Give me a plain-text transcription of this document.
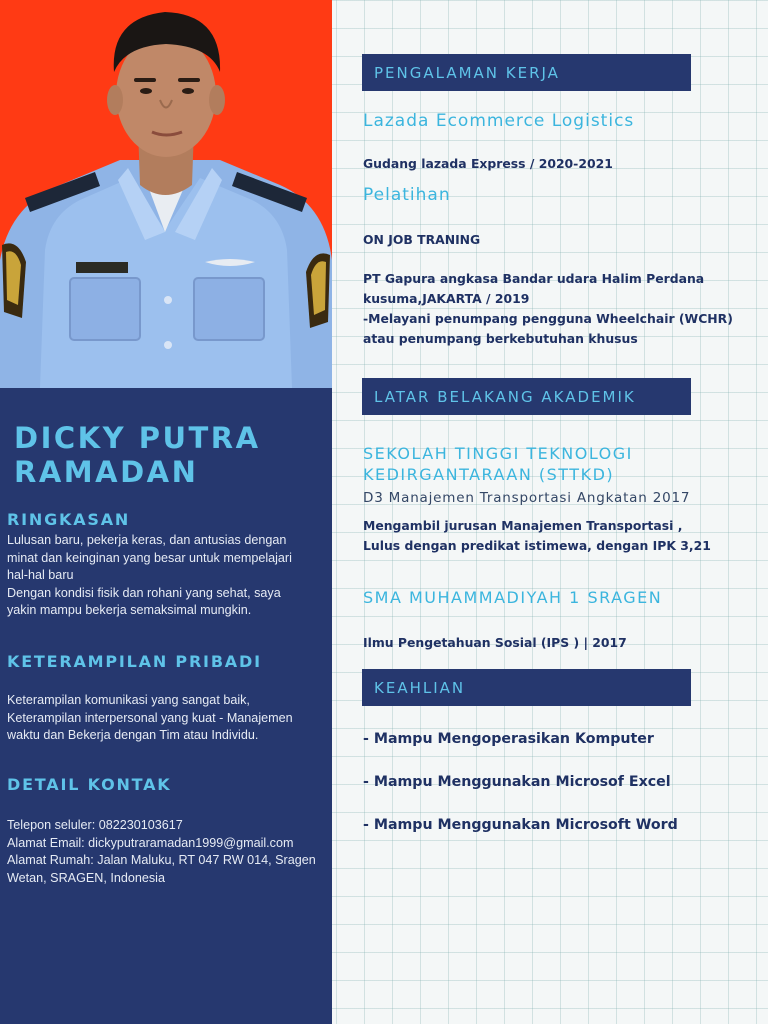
DICKY PUTRA
RAMADAN
RINGKASAN
Lulusan baru, pekerja keras, dan antusias dengan
minat dan keinginan yang besar untuk mempelajari
hal-hal baru
Dengan kondisi fisik dan rohani yang sehat, saya
yakin mampu bekerja semaksimal mungkin.
KETERAMPILAN PRIBADI
Keterampilan komunikasi yang sangat baik,
Keterampilan interpersonal yang kuat - Manajemen
waktu dan Bekerja dengan Tim atau Individu.
DETAIL KONTAK
Telepon seluler: 082230103617
Alamat Email: dickyputraramadan1999@gmail.com
Alamat Rumah: Jalan Maluku, RT 047 RW 014, Sragen
Wetan, SRAGEN, Indonesia
PENGALAMAN KERJA
Lazada Ecommerce Logistics
Gudang lazada Express / 2020-2021
Pelatihan
ON JOB TRANING
PT Gapura angkasa Bandar udara Halim Perdana
kusuma,JAKARTA / 2019
-Melayani penumpang pengguna Wheelchair (WCHR)
atau penumpang berkebutuhan khusus
LATAR BELAKANG AKADEMIK
SEKOLAH TINGGI TEKNOLOGI
KEDIRGANTARAAN (STTKD)
D3 Manajemen Transportasi Angkatan 2017
Mengambil jurusan Manajemen Transportasi ,
Lulus dengan predikat istimewa, dengan IPK 3,21
SMA MUHAMMADIYAH 1 SRAGEN
Ilmu Pengetahuan Sosial (IPS ) | 2017
KEAHLIAN
- Mampu Mengoperasikan Komputer
- Mampu Menggunakan Microsof Excel
- Mampu Menggunakan Microsoft Word
